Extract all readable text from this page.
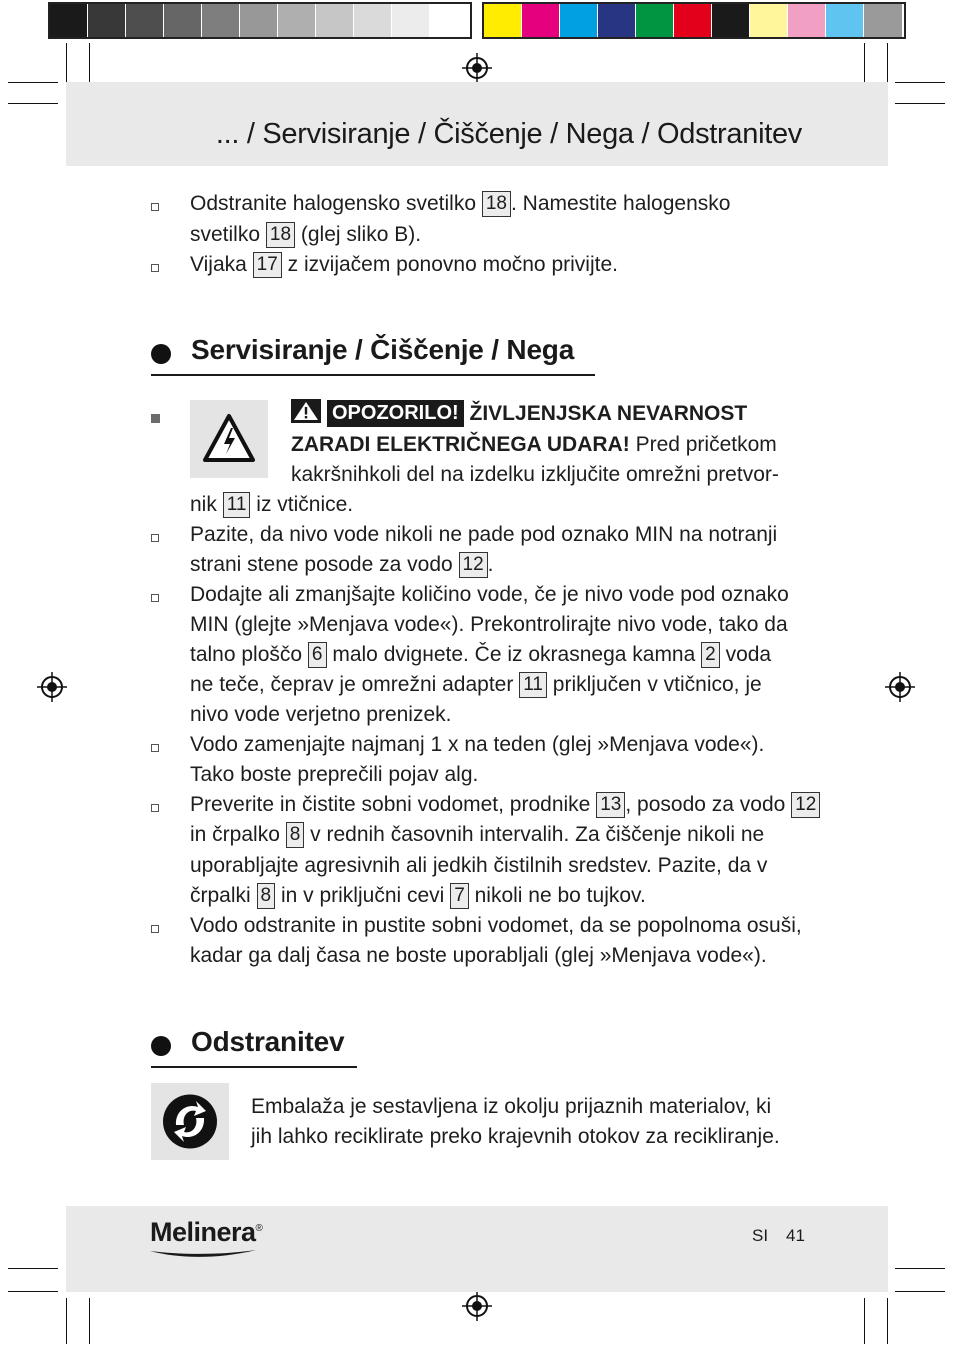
... / Servisiranje / Čiščenje / Nega / Odstranitev
Odstranite halogensko svetilko 18 . Namestite halogensko
svetilko 18 (glej sliko B).
Vijaka 17 z izvijačem ponovno močno privijte.
Servisiranje / Čiščenje / Nega
OPOZORILO! ŽIVLJENJSKA NEVARNOST
ZARADI ELEKTRIČNEGA UDARA! Pred pričetkom
kakršnihkoli del na izdelku izključite omrežni pretvor-
nik 11 iz vtičnice.
Pazite, da nivo vode nikoli ne pade pod oznako MIN na notranji
strani stene posode za vodo 12 .
Dodajte ali zmanjšajte količino vode, če je nivo vode pod oznako
MIN (glejte »Menjava vode«). Prekontrolirajte nivo vode, tako da
talno ploščo 6 malo dvigнete. Če iz okrasnega kamna 2 voda
ne teče, čeprav je omrežni adapter 11 priključen v vtičnico, je
nivo vode verjetno prenizek.
Vodo zamenjajte najmanj 1 x na teden (glej »Menjava vode«).
Tako boste preprečili pojav alg.
Preverite in čistite sobni vodomet, prodnike 13 , posodo za vodo 12
in črpalko 8 v rednih časovnih intervalih. Za čiščenje nikoli ne
uporabljajte agresivnih ali jedkih čistilnih sredstev. Pazite, da v
črpalki 8 in v priključni cevi 7 nikoli ne bo tujkov.
Vodo odstranite in pustite sobni vodomet, da se popolnoma osuši,
kadar ga dalj časa ne boste uporabljali (glej »Menjava vode«).
Odstranitev
Embalaža je sestavljena iz okolju prijaznih materialov, ki
jih lahko reciklirate preko krajevnih otokov za recikliranje.
Melinera®	SI 41
